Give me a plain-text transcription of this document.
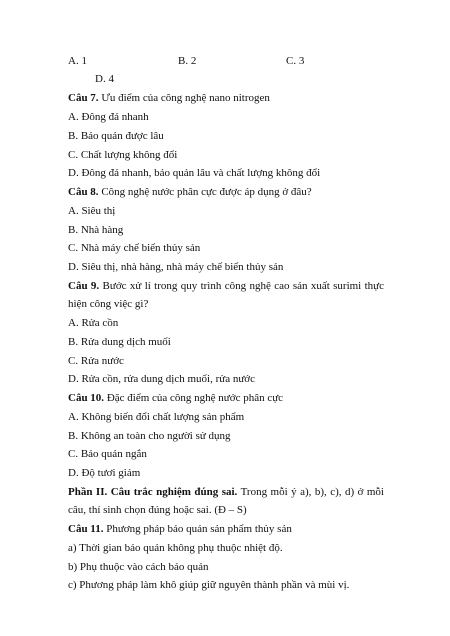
A. 1	B. 2	C. 3
D. 4
Câu 7. Ưu điểm của công nghệ nano nitrogen
A. Đông đá nhanh
B. Bảo quản được lâu
C. Chất lượng không đổi
D. Đông đá nhanh, bảo quản lâu và chất lượng không đổi
Câu 8. Công nghệ nước phân cực được áp dụng ở đâu?
A. Siêu thị
B. Nhà hàng
C. Nhà máy chế biến thủy sản
D. Siêu thị, nhà hàng, nhà máy chế biến thủy sản
Câu 9. Bước xử lí trong quy trình công nghệ cao sản xuất surimi thực
hiện công việc gì?
A. Rửa cồn
B. Rửa dung dịch muối
C. Rửa nước
D. Rửa cồn, rửa dung dịch muối, rửa nước
Câu 10. Đặc điểm của công nghệ nước phân cực
A. Không biến đổi chất lượng sản phẩm
B. Không an toàn cho người sử dụng
C. Bảo quản ngắn
D. Độ tươi giảm
Phần II. Câu trắc nghiệm đúng sai. Trong mỗi ý a), b), c), d) ở mỗi
câu, thí sinh chọn đúng hoặc sai. (Đ – S)
Câu 11. Phương pháp bảo quản sản phẩm thủy sản
a) Thời gian bảo quản không phụ thuộc nhiệt độ.
b) Phụ thuộc vào cách bảo quản
c) Phương pháp làm khô giúp giữ nguyên thành phần và mùi vị.
